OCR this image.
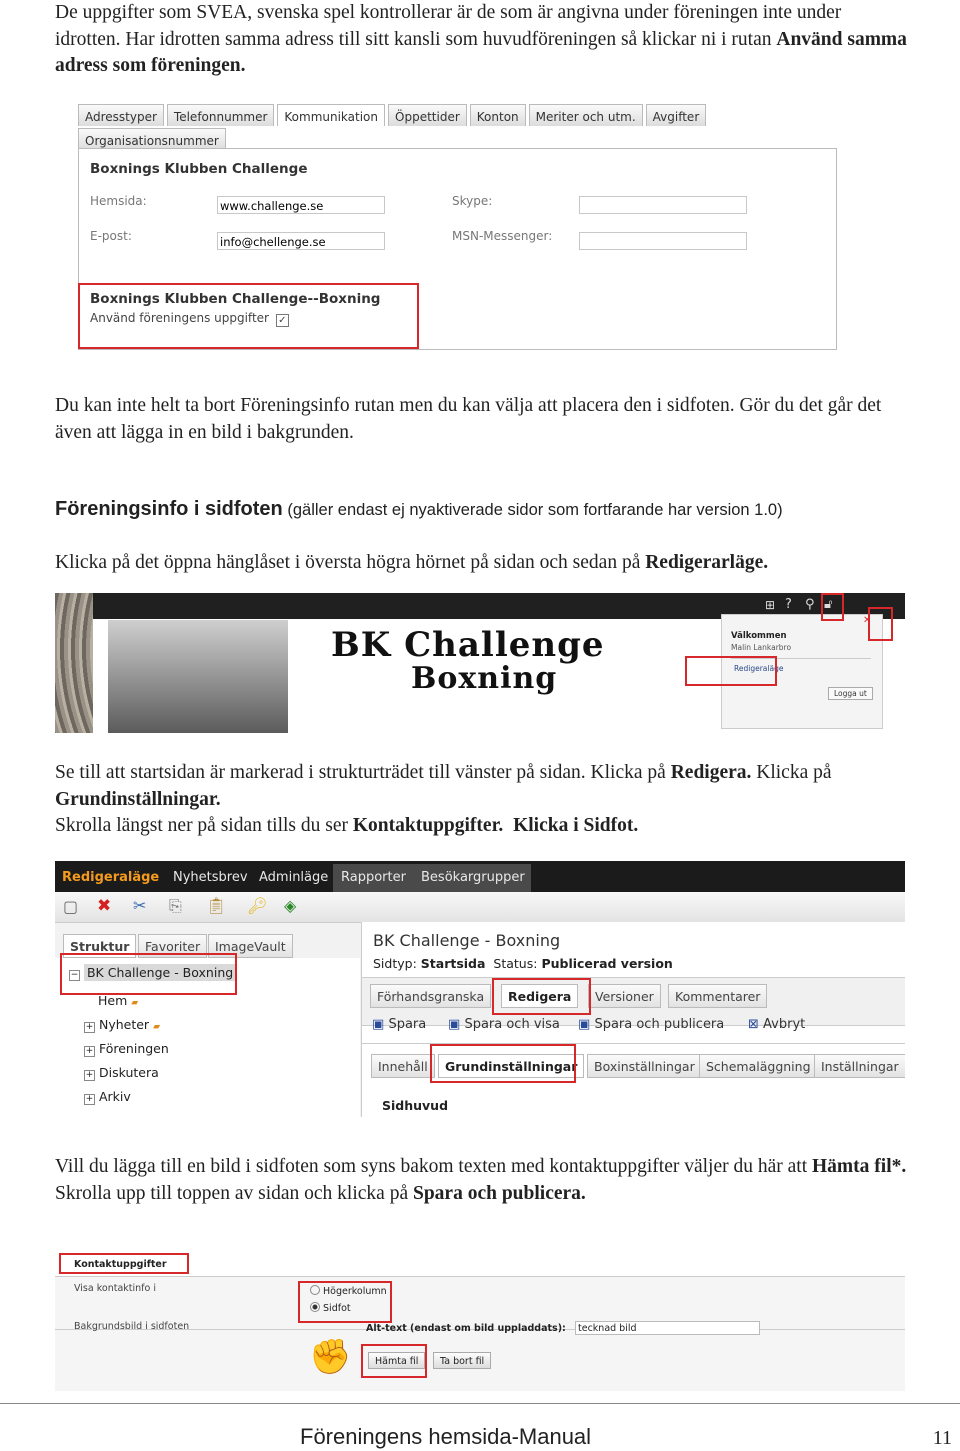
De uppgifter som SVEA, svenska spel kontrollerar är de som är angivna under föreningen inte under idrotten. Har idrotten samma adress till sitt kansli som huvudföreningen så klickar ni i rutan Använd samma adress som föreningen.
Adresstyper	Telefonnummer	Kommunikation	Öppettider	Konton	Meriter och utm.	Avgifter
Organisationsnummer
Boxnings Klubben Challenge
Hemsida:	www.challenge.se
E-post:	info@chellenge.se
Skype:
MSN-Messenger:
Boxnings Klubben Challenge--Boxning
Använd föreningens uppgifter ✓
Du kan inte helt ta bort Föreningsinfo rutan men du kan välja att placera den i sidfoten. Gör du det går det även att lägga in en bild i bakgrunden.
Föreningsinfo i sidfoten (gäller endast ej nyaktiverade sidor som fortfarande har version 1.0)
Klicka på det öppna hänglåset i översta högra hörnet på sidan och sedan på Redigerarläge.
⊞ ? ⚲ 🔓︎
BK Challenge
Boxning
Välkommen
Malin Lankarbro
Redigeraläge
Logga ut
✕
Se till att startsidan är markerad i strukturträdet till vänster på sidan. Klicka på Redigera. Klicka på Grundinställningar.
Skrolla längst ner på sidan tills du ser Kontaktuppgifter. Klicka i Sidfot.
Redigeraläge Nyhetsbrev Adminläge Rapporter Besökargrupper
▢ ✖ ✂ ⎘ 📋︎ 🔑︎ ◈
Struktur	Favoriter	ImageVault
− BK Challenge - Boxning
Hem ▰
+ Nyheter ▰
+ Föreningen
+ Diskutera
+ Arkiv
BK Challenge - Boxning
Sidtyp: Startsida Status: Publicerad version
Förhandsgranska	Redigera	Versioner	Kommentarer
▣ Spara ▣ Spara och visa ▣ Spara och publicera ⊠ Avbryt
Innehåll	Grundinställningar	Boxinställningar Schemaläggning Inställningar
Sidhuvud
Vill du lägga till en bild i sidfoten som syns bakom texten med kontaktuppgifter väljer du här att Hämta fil*. Skrolla upp till toppen av sidan och klicka på Spara och publicera.
Kontaktuppgifter
Visa kontaktinfo i	Högerkolumn
Sidfot
Bakgrundsbild i sidfoten	Alt-text (endast om bild uppladdats):	tecknad bild
✊	Hämta fil	Ta bort fil
Föreningens hemsida-Manual	11
